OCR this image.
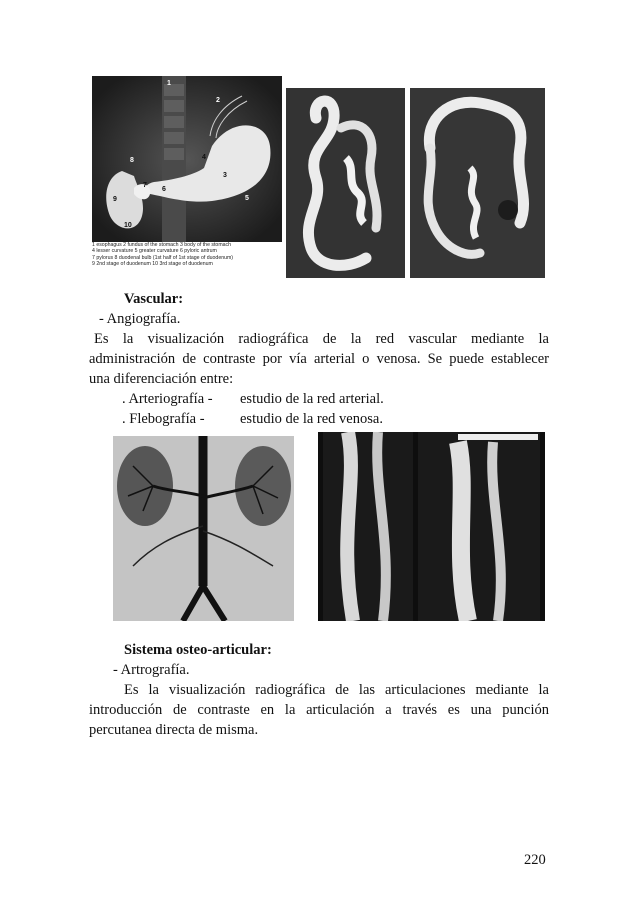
1
2
3
4
5
6
7
8
9
10
1 esophagus 2 fundus of the stomach 3 body of the stomach
4 lesser curvature 5 greater curvature 6 pyloric antrum
7 pylorus 8 duodenal bulb (1st half of 1st stage of duodenum)
9 2nd stage of duodenum 10 3rd stage of duodenum
Vascular:
- Angiografía.
Es la visualización radiográfica de la red vascular mediante la
administración de contraste por vía arterial o venosa. Se puede establecer
una diferenciación entre:
. Arteriografía - estudio de la red arterial.
. Flebografía - estudio de la red venosa.
Sistema osteo-articular:
- Artrografía.
Es la visualización radiográfica de las articulaciones mediante la
introducción de contraste en la articulación a través es una punción
percutanea directa de misma.
220
